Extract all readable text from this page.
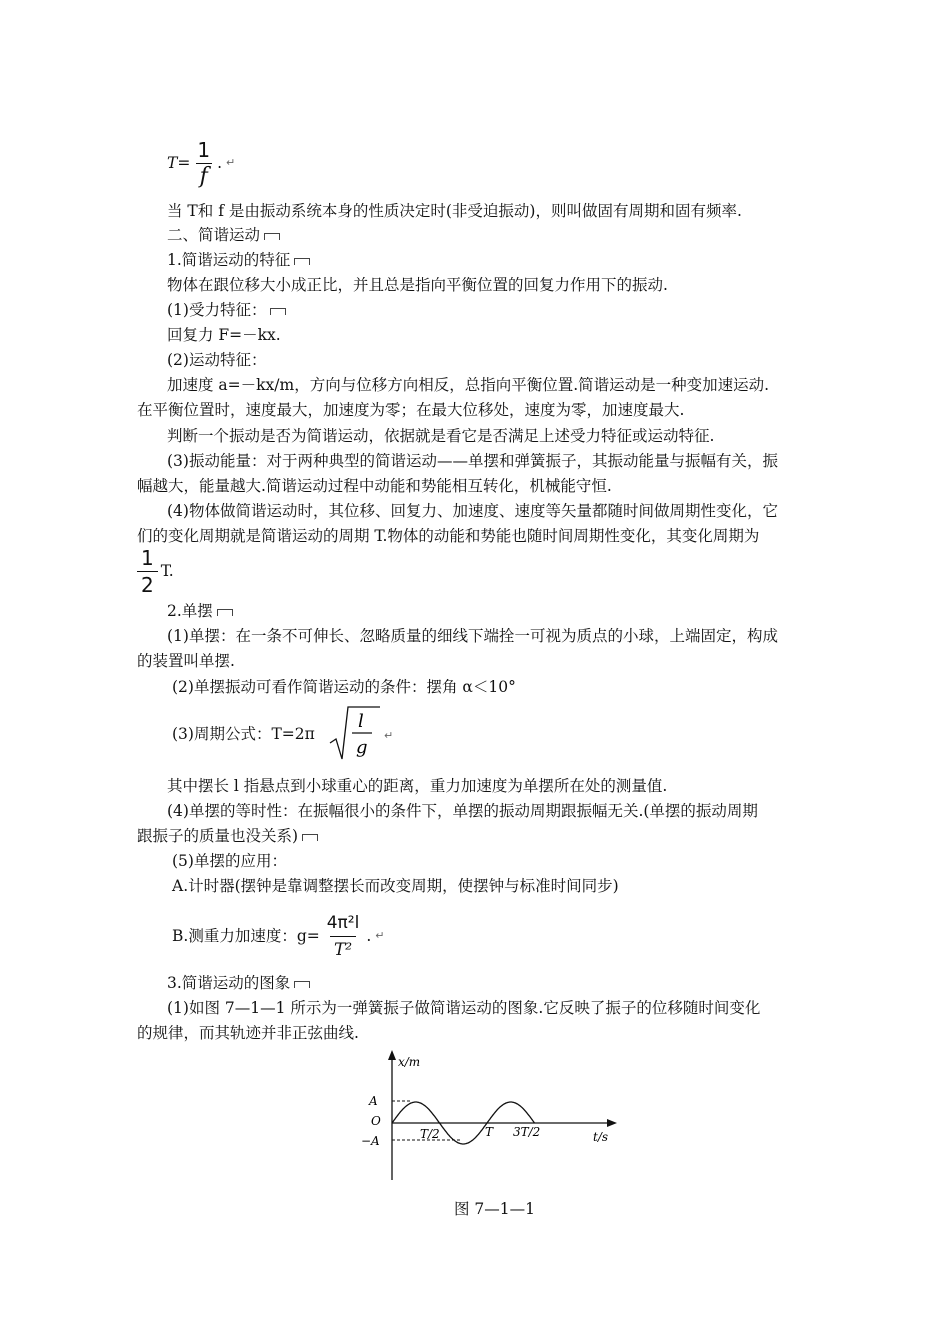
$T = \frac{1}{f}$ . ↵
当 T和 f 是由振动系统本身的性质决定时(非受迫振动)，则叫做固有周期和固有频率.
二、简谐运动
1.简谐运动的特征
物体在跟位移大小成正比，并且总是指向平衡位置的回复力作用下的振动.
(1)受力特征：
回复力 F=－kx.
(2)运动特征：
加速度 a=－kx/m，方向与位移方向相反，总指向平衡位置.简谐运动是一种变加速运动.
在平衡位置时，速度最大，加速度为零；在最大位移处，速度为零，加速度最大.
判断一个振动是否为简谐运动，依据就是看它是否满足上述受力特征或运动特征.
(3)振动能量：对于两种典型的简谐运动——单摆和弹簧振子，其振动能量与振幅有关，振
幅越大，能量越大.简谐运动过程中动能和势能相互转化，机械能守恒.
(4)物体做简谐运动时，其位移、回复力、加速度、速度等矢量都随时间做周期性变化，它
们的变化周期就是简谐运动的周期 T.物体的动能和势能也随时间周期性变化，其变化周期为
$\frac{1}{2} T$.
2.单摆
(1)单摆：在一条不可伸长、忽略质量的细线下端拴一可视为质点的小球，上端固定，构成
的装置叫单摆.
(2)单摆振动可看作简谐运动的条件：摆角 α＜10°
(3)周期公式：T=2π
l
g
↵
其中摆长 l 指悬点到小球重心的距离，重力加速度为单摆所在处的测量值.
(4)单摆的等时性：在振幅很小的条件下，单摆的振动周期跟振幅无关.(单摆的振动周期
跟振子的质量也没关系)
(5)单摆的应用：
A.计时器(摆钟是靠调整摆长而改变周期，使摆钟与标准时间同步)
B.测重力加速度：$g= \frac{\text{4π²l}}{\text{T²}}$ . ↵
3.简谐运动的图象
(1)如图 7—1—1 所示为一弹簧振子做简谐运动的图象.它反映了振子的位移随时间变化
的规律，而其轨迹并非正弦曲线.
x/m
A
O
−A	T/2	T 3T/2	t/s
图 7—1—1
